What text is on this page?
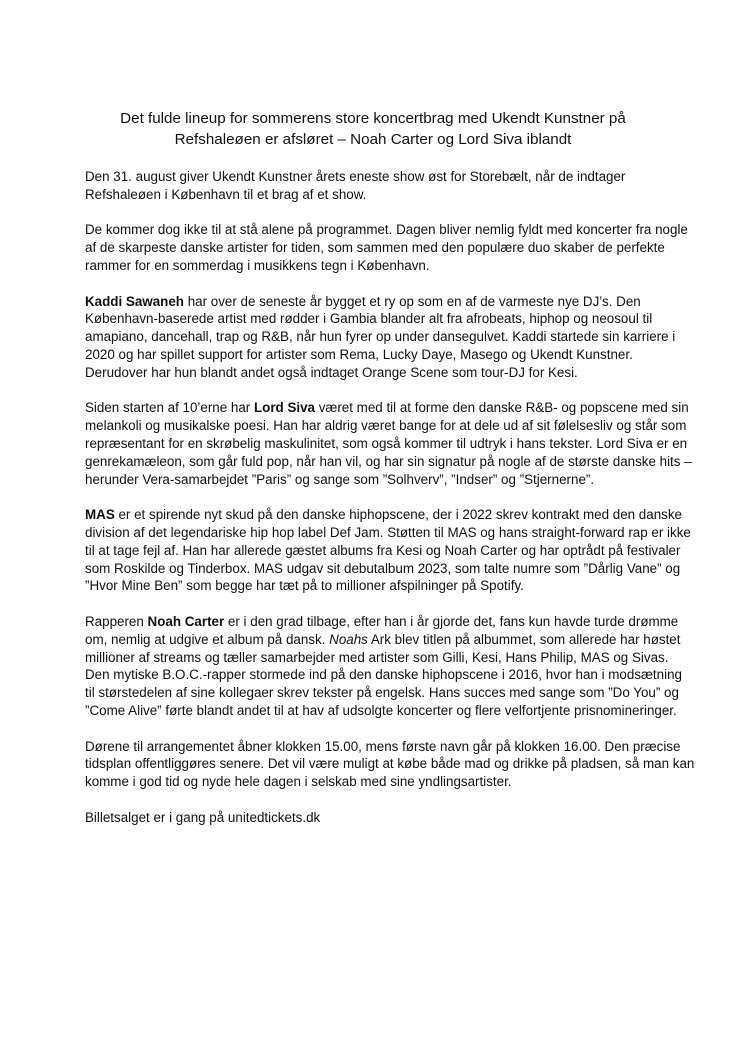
Det fulde lineup for sommerens store koncertbrag med Ukendt Kunstner på
Refshaleøen er afsløret – Noah Carter og Lord Siva iblandt

Den 31. august giver Ukendt Kunstner årets eneste show øst for Storebælt, når de indtager Refshaleøen i København til et brag af et show.

De kommer dog ikke til at stå alene på programmet. Dagen bliver nemlig fyldt med koncerter fra nogle af de skarpeste danske artister for tiden, som sammen med den populære duo skaber de perfekte rammer for en sommerdag i musikkens tegn i København.

Kaddi Sawaneh har over de seneste år bygget et ry op som en af de varmeste nye DJ’s. Den København-baserede artist med rødder i Gambia blander alt fra afrobeats, hiphop og neosoul til amapiano, dancehall, trap og R&B, når hun fyrer op under dansegulvet. Kaddi startede sin karriere i 2020 og har spillet support for artister som Rema, Lucky Daye, Masego og Ukendt Kunstner. Derudover har hun blandt andet også indtaget Orange Scene som tour-DJ for Kesi.

Siden starten af 10’erne har Lord Siva været med til at forme den danske R&B- og popscene med sin melankoli og musikalske poesi. Han har aldrig været bange for at dele ud af sit følelsesliv og står som repræsentant for en skrøbelig maskulinitet, som også kommer til udtryk i hans tekster. Lord Siva er en genrekamæleon, som går fuld pop, når han vil, og har sin signatur på nogle af de største danske hits – herunder Vera-samarbejdet ”Paris” og sange som ”Solhverv”, ”Indser” og ”Stjernerne”.

MAS er et spirende nyt skud på den danske hiphopscene, der i 2022 skrev kontrakt med den danske division af det legendariske hip hop label Def Jam. Støtten til MAS og hans straight-forward rap er ikke til at tage fejl af. Han har allerede gæstet albums fra Kesi og Noah Carter og har optrådt på festivaler som Roskilde og Tinderbox. MAS udgav sit debutalbum 2023, som talte numre som ”Dårlig Vane” og ”Hvor Mine Ben” som begge har tæt på to millioner afspilninger på Spotify.

Rapperen Noah Carter er i den grad tilbage, efter han i år gjorde det, fans kun havde turde drømme om, nemlig at udgive et album på dansk. Noahs Ark blev titlen på albummet, som allerede har høstet millioner af streams og tæller samarbejder med artister som Gilli, Kesi, Hans Philip, MAS og Sivas. Den mytiske B.O.C.-rapper stormede ind på den danske hiphopscene i 2016, hvor han i modsætning til størstedelen af sine kollegaer skrev tekster på engelsk. Hans succes med sange som ”Do You” og ”Come Alive” førte blandt andet til at hav af udsolgte koncerter og flere velfortjente prisnomineringer.

Dørene til arrangementet åbner klokken 15.00, mens første navn går på klokken 16.00. Den præcise tidsplan offentliggøres senere. Det vil være muligt at købe både mad og drikke på pladsen, så man kan komme i god tid og nyde hele dagen i selskab med sine yndlingsartister.

Billetsalget er i gang på unitedtickets.dk
